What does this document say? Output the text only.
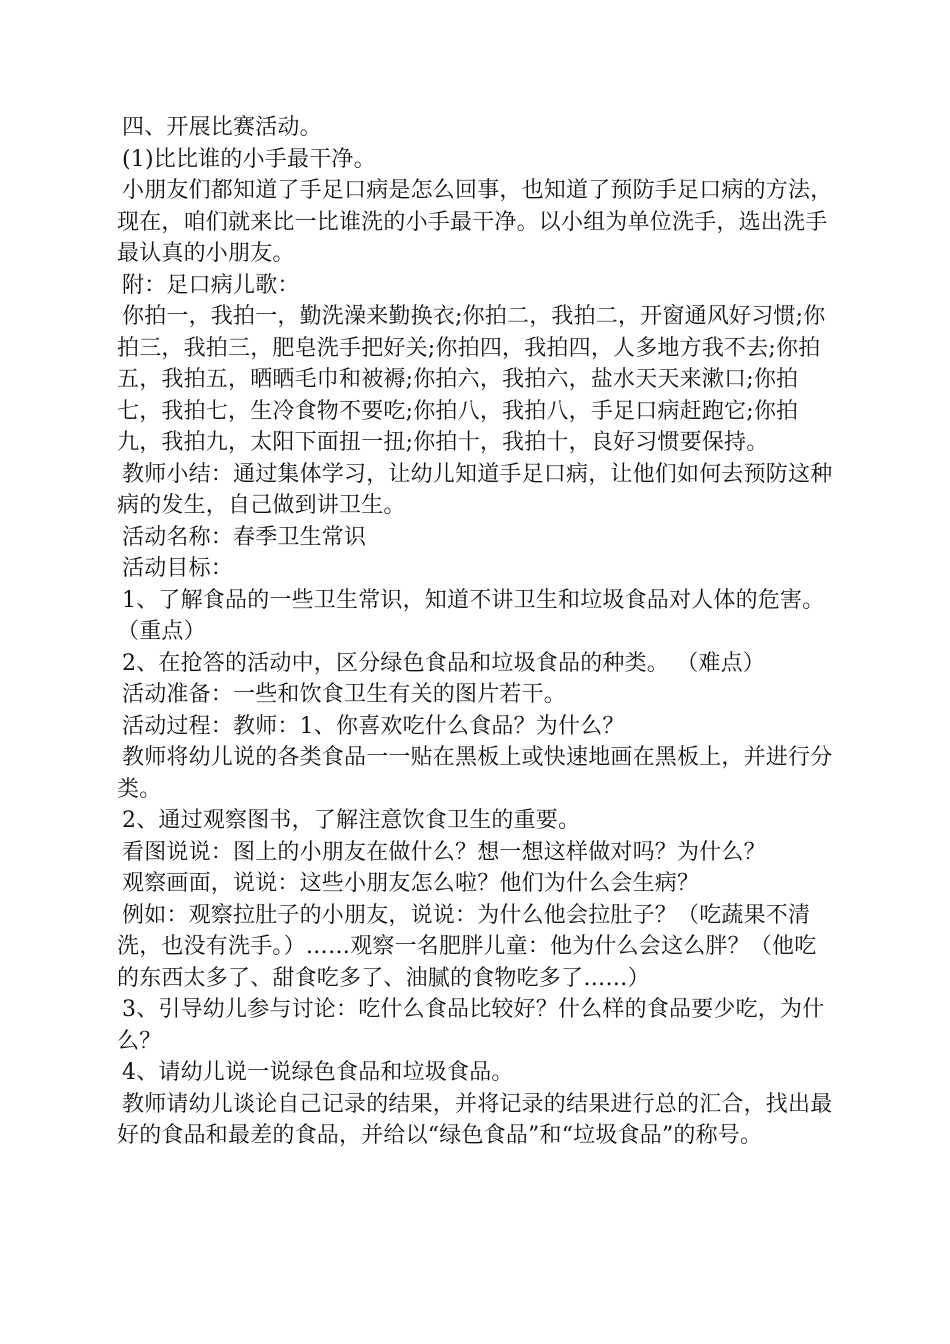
四、开展比赛活动。

(1)比比谁的小手最干净。

小朋友们都知道了手足口病是怎么回事，也知道了预防手足口病的方法，现在，咱们就来比一比谁洗的小手最干净。以小组为单位洗手，选出洗手最认真的小朋友。

附：足口病儿歌：

你拍一，我拍一，勤洗澡来勤换衣;你拍二，我拍二，开窗通风好习惯;你拍三，我拍三，肥皂洗手把好关;你拍四，我拍四，人多地方我不去;你拍五，我拍五，晒晒毛巾和被褥;你拍六，我拍六，盐水天天来漱口;你拍七，我拍七，生冷食物不要吃;你拍八，我拍八，手足口病赶跑它;你拍九，我拍九，太阳下面扭一扭;你拍十，我拍十，良好习惯要保持。

教师小结：通过集体学习，让幼儿知道手足口病，让他们如何去预防这种病的发生，自己做到讲卫生。

活动名称：春季卫生常识

活动目标：

1、了解食品的一些卫生常识，知道不讲卫生和垃圾食品对人体的危害。（重点）

2、在抢答的活动中，区分绿色食品和垃圾食品的种类。 （难点）

活动准备：一些和饮食卫生有关的图片若干。

活动过程：教师：1、你喜欢吃什么食品？为什么？

教师将幼儿说的各类食品一一贴在黑板上或快速地画在黑板上，并进行分类。

2、通过观察图书，了解注意饮食卫生的重要。

看图说说：图上的小朋友在做什么？想一想这样做对吗？为什么？

观察画面，说说：这些小朋友怎么啦？他们为什么会生病？

例如：观察拉肚子的小朋友，说说：为什么他会拉肚子？（吃蔬果不清洗，也没有洗手。）……观察一名肥胖儿童：他为什么会这么胖？（他吃的东西太多了、甜食吃多了、油腻的食物吃多了……）

3、引导幼儿参与讨论：吃什么食品比较好？什么样的食品要少吃，为什么？

4、请幼儿说一说绿色食品和垃圾食品。

教师请幼儿谈论自己记录的结果，并将记录的结果进行总的汇合，找出最好的食品和最差的食品，并给以“绿色食品”和“垃圾食品”的称号。
